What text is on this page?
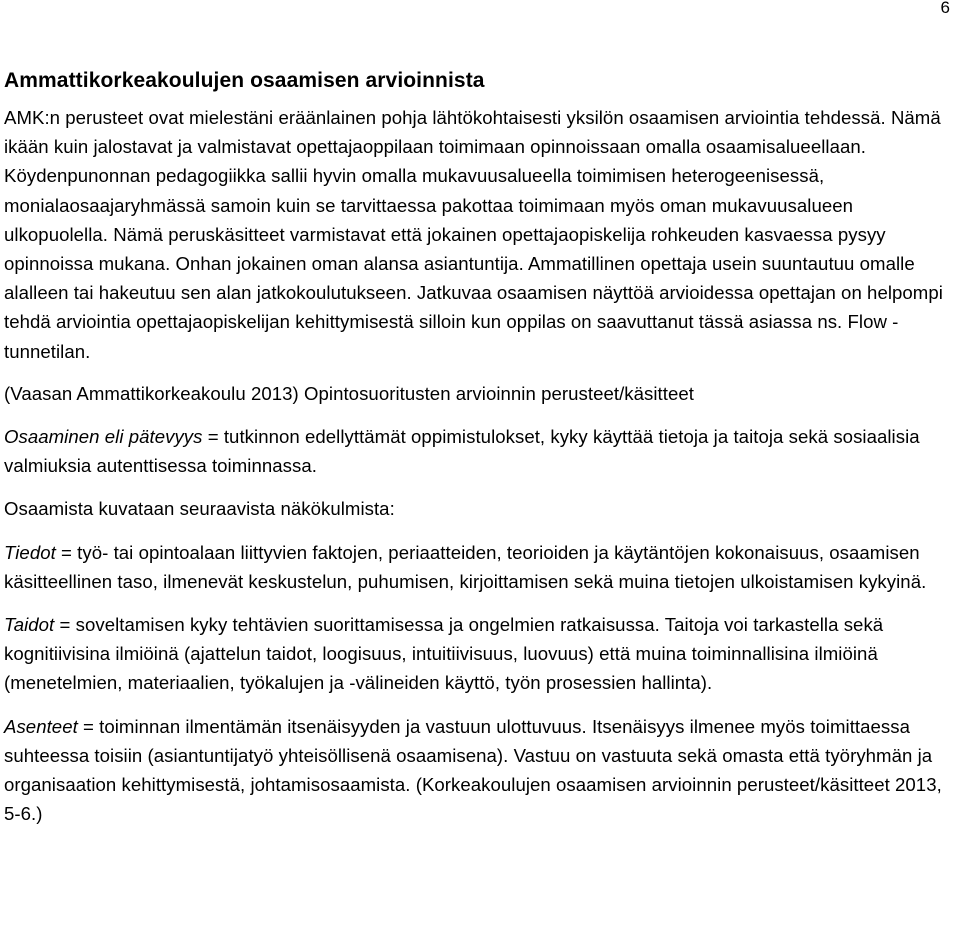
6
Ammattikorkeakoulujen osaamisen arvioinnista

AMK:n perusteet ovat mielestäni eräänlainen pohja lähtökohtaisesti yksilön osaamisen arviointia tehdessä. Nämä ikään kuin jalostavat ja valmistavat opettajaoppilaan toimimaan opinnoissaan omalla osaamisalueellaan. Köydenpunonnan pedagogiikka sallii hyvin omalla mukavuusalueella toimimisen heterogeenisessä, monialaosaajaryhmässä samoin kuin se tarvittaessa pakottaa toimimaan myös oman mukavuusalueen ulkopuolella. Nämä peruskäsitteet varmistavat että jokainen opettajaopiskelija rohkeuden kasvaessa pysyy opinnoissa mukana. Onhan jokainen oman alansa asiantuntija. Ammatillinen opettaja usein suuntautuu omalle alalleen tai hakeutuu sen alan jatkokoulutukseen. Jatkuvaa osaamisen näyttöä arvioidessa opettajan on helpompi tehdä arviointia opettajaopiskelijan kehittymisestä silloin kun oppilas on saavuttanut tässä asiassa ns. Flow -tunnetilan.

(Vaasan Ammattikorkeakoulu 2013) Opintosuoritusten arvioinnin perusteet/käsitteet

Osaaminen eli pätevyys = tutkinnon edellyttämät oppimistulokset, kyky käyttää tietoja ja taitoja sekä sosiaalisia valmiuksia autenttisessa toiminnassa.

Osaamista kuvataan seuraavista näkökulmista:

Tiedot = työ- tai opintoalaan liittyvien faktojen, periaatteiden, teorioiden ja käytäntöjen kokonaisuus, osaamisen käsitteellinen taso, ilmenevät keskustelun, puhumisen, kirjoittamisen sekä muina tietojen ulkoistamisen kykyinä.

Taidot = soveltamisen kyky tehtävien suorittamisessa ja ongelmien ratkaisussa. Taitoja voi tarkastella sekä kognitiivisina ilmiöinä (ajattelun taidot, loogisuus, intuitiivisuus, luovuus) että muina toiminnallisina ilmiöinä (menetelmien, materiaalien, työkalujen ja -välineiden käyttö, työn prosessien hallinta).

Asenteet = toiminnan ilmentämän itsenäisyyden ja vastuun ulottuvuus. Itsenäisyys ilmenee myös toimittaessa suhteessa toisiin (asiantuntijatyö yhteisöllisenä osaamisena). Vastuu on vastuuta sekä omasta että työryhmän ja organisaation kehittymisestä, johtamisosaamista. (Korkeakoulujen osaamisen arvioinnin perusteet/käsitteet 2013, 5-6.)
